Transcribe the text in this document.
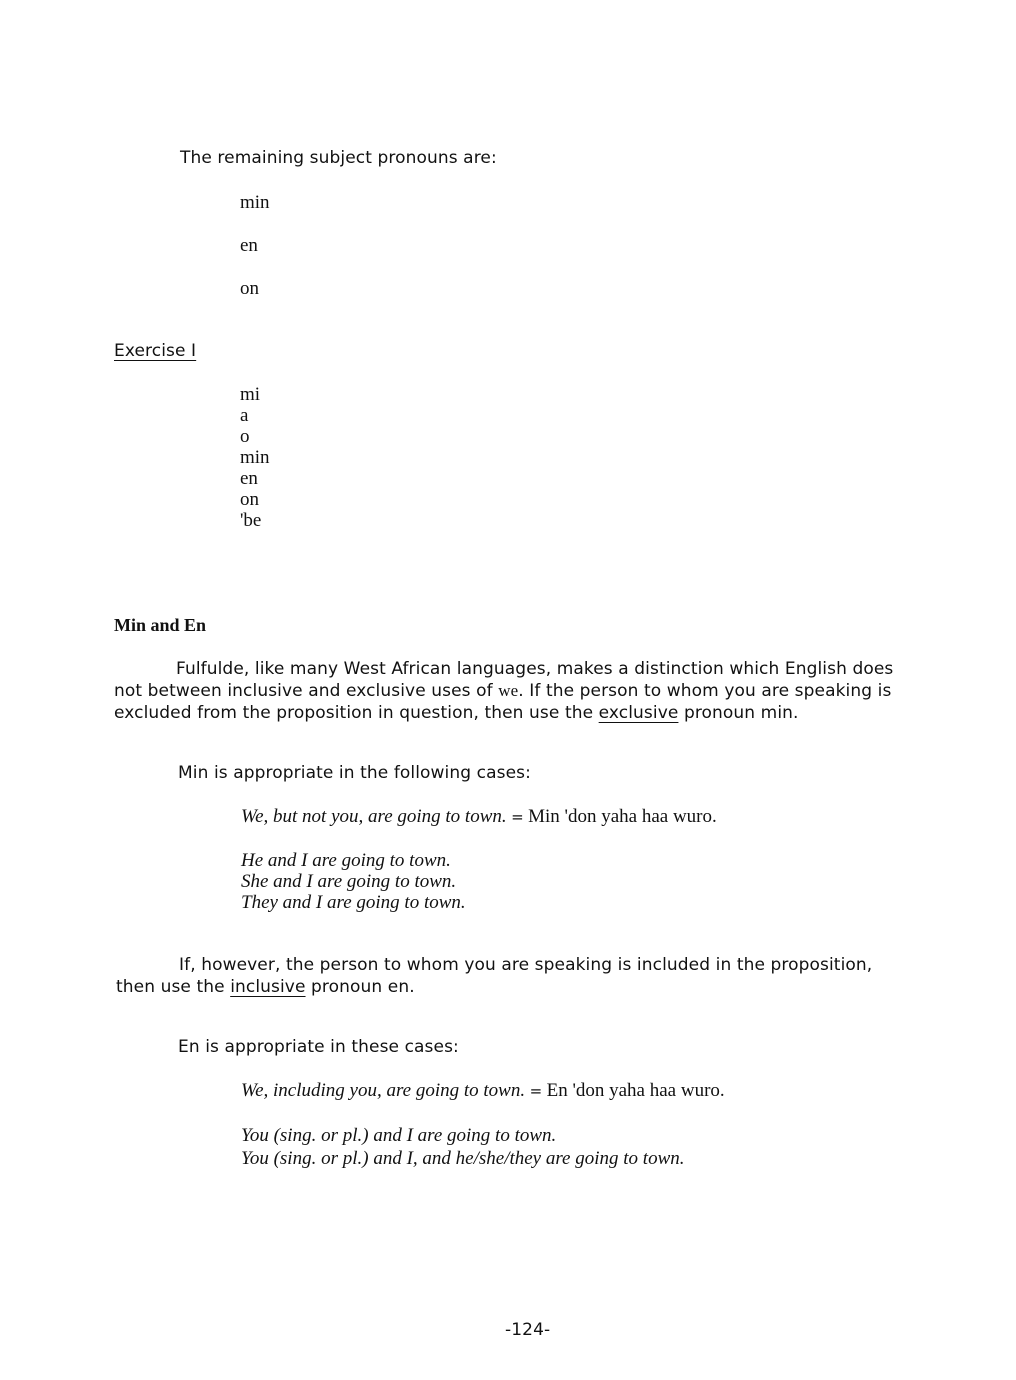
The remaining subject pronouns are:
min
en
on
Exercise I
mi
a
o
min
en
on
'be
Min and En
Fulfulde, like many West African languages, makes a distinction which English does not between inclusive and exclusive uses of we. If the person to whom you are speaking is excluded from the proposition in question, then use the exclusive pronoun min.
Min is appropriate in the following cases:
We, but not you, are going to town. = Min 'don yaha haa wuro.
He and I are going to town.
She and I are going to town.
They and I are going to town.
If, however, the person to whom you are speaking is included in the proposition, then use the inclusive pronoun en.
En is appropriate in these cases:
We, including you, are going to town. = En 'don yaha haa wuro.
You (sing. or pl.) and I are going to town.
You (sing. or pl.) and I, and he/she/they are going to town.
-124-
